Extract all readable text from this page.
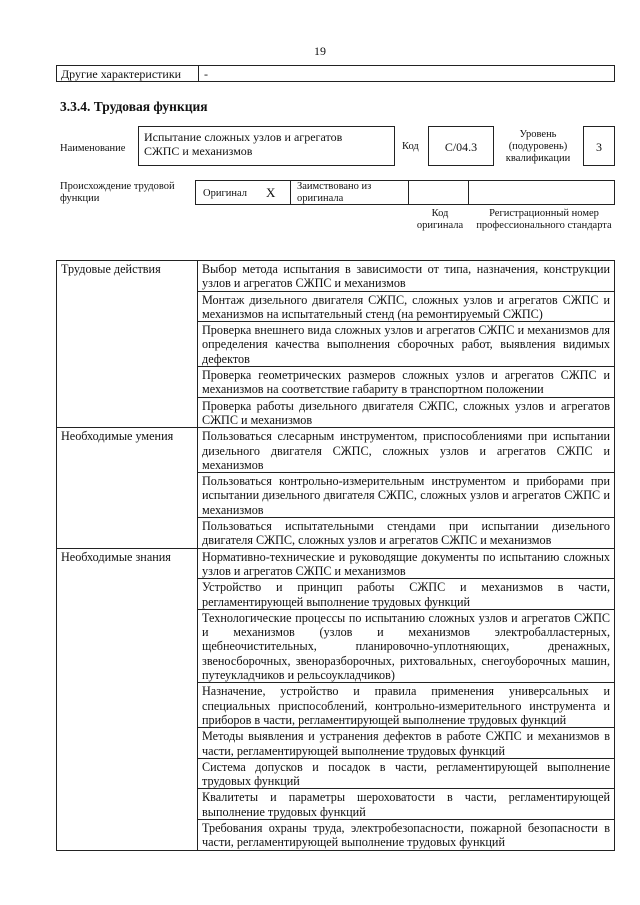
19
Другие характеристики -
3.3.4. Трудовая функция
Наименование
Испытание сложных узлов и агрегатов СЖПС и механизмов	Код	С/04.3
Уровень (подуровень) квалификации
3
Происхождение трудовой функции	Оригинал X Заимствовано из оригинала
Код оригинала
Регистрационный номер профессионального стандарта
Трудовые действия	Выбор метода испытания в зависимости от типа, назначения, конструкции узлов и агрегатов СЖПС и механизмов
	Монтаж дизельного двигателя СЖПС, сложных узлов и агрегатов СЖПС и механизмов на испытательный стенд (на ремонтируемый СЖПС)
	Проверка внешнего вида сложных узлов и агрегатов СЖПС и механизмов для определения качества выполнения сборочных работ, выявления видимых дефектов
	Проверка геометрических размеров сложных узлов и агрегатов СЖПС и механизмов на соответствие габариту в транспортном положении
	Проверка работы дизельного двигателя СЖПС, сложных узлов и агрегатов СЖПС и механизмов
Необходимые умения	Пользоваться слесарным инструментом, приспособлениями при испытании дизельного двигателя СЖПС, сложных узлов и агрегатов СЖПС и механизмов
	Пользоваться контрольно-измерительным инструментом и приборами при испытании дизельного двигателя СЖПС, сложных узлов и агрегатов СЖПС и механизмов
	Пользоваться испытательными стендами при испытании дизельного двигателя СЖПС, сложных узлов и агрегатов СЖПС и механизмов
Необходимые знания	Нормативно-технические и руководящие документы по испытанию сложных узлов и агрегатов СЖПС и механизмов
	Устройство и принцип работы СЖПС и механизмов в части, регламентирующей выполнение трудовых функций
	Технологические процессы по испытанию сложных узлов и агрегатов СЖПС и механизмов (узлов и механизмов электробалластерных, щебнеочистительных, планировочно-уплотняющих, дренажных, звеносборочных, звеноразборочных, рихтовальных, снегоуборочных машин, путеукладчиков и рельсоукладчиков)
	Назначение, устройство и правила применения универсальных и специальных приспособлений, контрольно-измерительного инструмента и приборов в части, регламентирующей выполнение трудовых функций
	Методы выявления и устранения дефектов в работе СЖПС и механизмов в части, регламентирующей выполнение трудовых функций
	Система допусков и посадок в части, регламентирующей выполнение трудовых функций
	Квалитеты и параметры шероховатости в части, регламентирующей выполнение трудовых функций
	Требования охраны труда, электробезопасности, пожарной безопасности в части, регламентирующей выполнение трудовых функций
